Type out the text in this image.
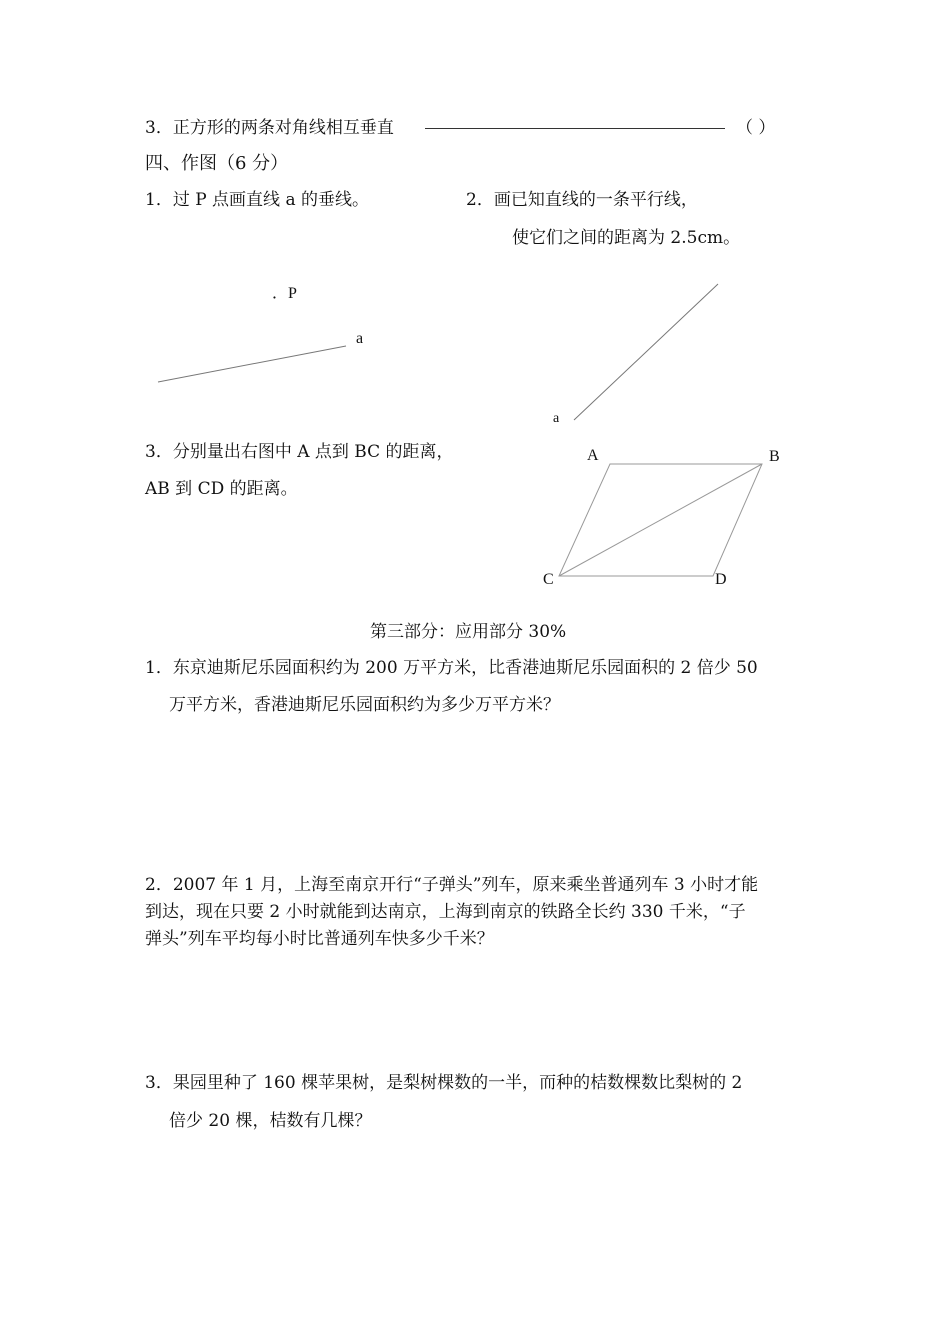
3．正方形的两条对角线相互垂直	（ ）
四、作图（6 分）
1．过 P 点画直线 a 的垂线。	2．画已知直线的一条平行线，
使它们之间的距离为 2.5cm。
．P
a
a
3．分别量出右图中 A 点到 BC 的距离，
AB 到 CD 的距离。
A	B
C	D
第三部分：应用部分 30%
1．东京迪斯尼乐园面积约为 200 万平方米，比香港迪斯尼乐园面积的 2 倍少 50
万平方米，香港迪斯尼乐园面积约为多少万平方米？
2．2007 年 1 月，上海至南京开行“子弹头”列车，原来乘坐普通列车 3 小时才能
到达，现在只要 2 小时就能到达南京，上海到南京的铁路全长约 330 千米，“子
弹头”列车平均每小时比普通列车快多少千米？
3．果园里种了 160 棵苹果树，是梨树棵数的一半，而种的桔数棵数比梨树的 2
倍少 20 棵，桔数有几棵？
